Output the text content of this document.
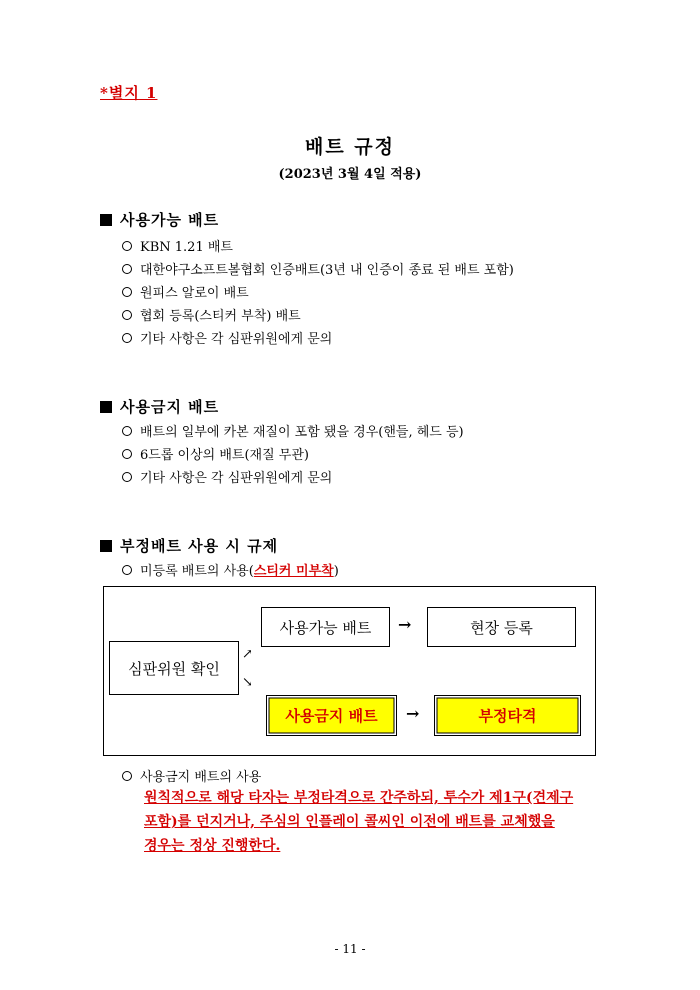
*별지 1
배트 규정
(2023년 3월 4일 적용)
사용가능 배트
KBN 1.21 배트
대한야구소프트볼협회 인증배트(3년 내 인증이 종료 된 배트 포함)
원피스 알로이 배트
협회 등록(스티커 부착) 배트
기타 사항은 각 심판위원에게 문의
사용금지 배트
배트의 일부에 카본 재질이 포함 됐을 경우(핸들, 헤드 등)
6드롭 이상의 배트(재질 무관)
기타 사항은 각 심판위원에게 문의
부정배트 사용 시 규제
미등록 배트의 사용(스티커 미부착)
심판위원 확인
↗
↘
사용가능 배트 →	현장 등록
사용금지 배트 →	부정타격
사용금지 배트의 사용
원칙적으로 해당 타자는 부정타격으로 간주하되, 투수가 제1구(견제구
포함)를 던지거나, 주심의 인플레이 콜씨인 이전에 배트를 교체했을
경우는 정상 진행한다.
- 11 -
